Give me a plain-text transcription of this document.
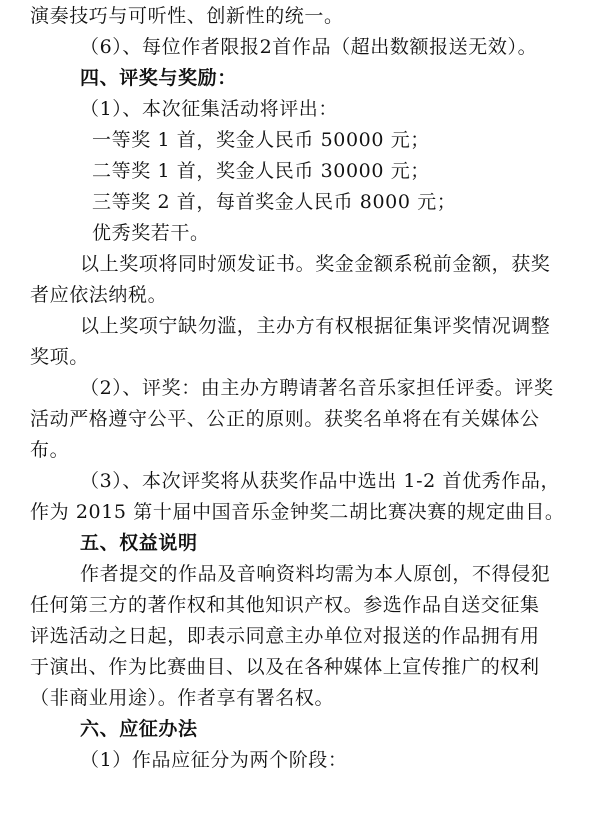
演奏技巧与可听性、创新性的统一。
（6）、每位作者限报2首作品（超出数额报送无效）。
四、评奖与奖励：
（1）、本次征集活动将评出：
一等奖 1 首，奖金人民币 50000 元；
二等奖 1 首，奖金人民币 30000 元；
三等奖 2 首，每首奖金人民币 8000 元；
优秀奖若干。
以上奖项将同时颁发证书。奖金金额系税前金额，获奖
者应依法纳税。
以上奖项宁缺勿滥，主办方有权根据征集评奖情况调整
奖项。
（2）、评奖：由主办方聘请著名音乐家担任评委。评奖
活动严格遵守公平、公正的原则。获奖名单将在有关媒体公
布。
（3）、本次评奖将从获奖作品中选出 1-2 首优秀作品，
作为 2015 第十届中国音乐金钟奖二胡比赛决赛的规定曲目。
五、权益说明
作者提交的作品及音响资料均需为本人原创，不得侵犯
任何第三方的著作权和其他知识产权。参选作品自送交征集
评选活动之日起，即表示同意主办单位对报送的作品拥有用
于演出、作为比赛曲目、以及在各种媒体上宣传推广的权利
（非商业用途）。作者享有署名权。
六、应征办法
（1）作品应征分为两个阶段：
